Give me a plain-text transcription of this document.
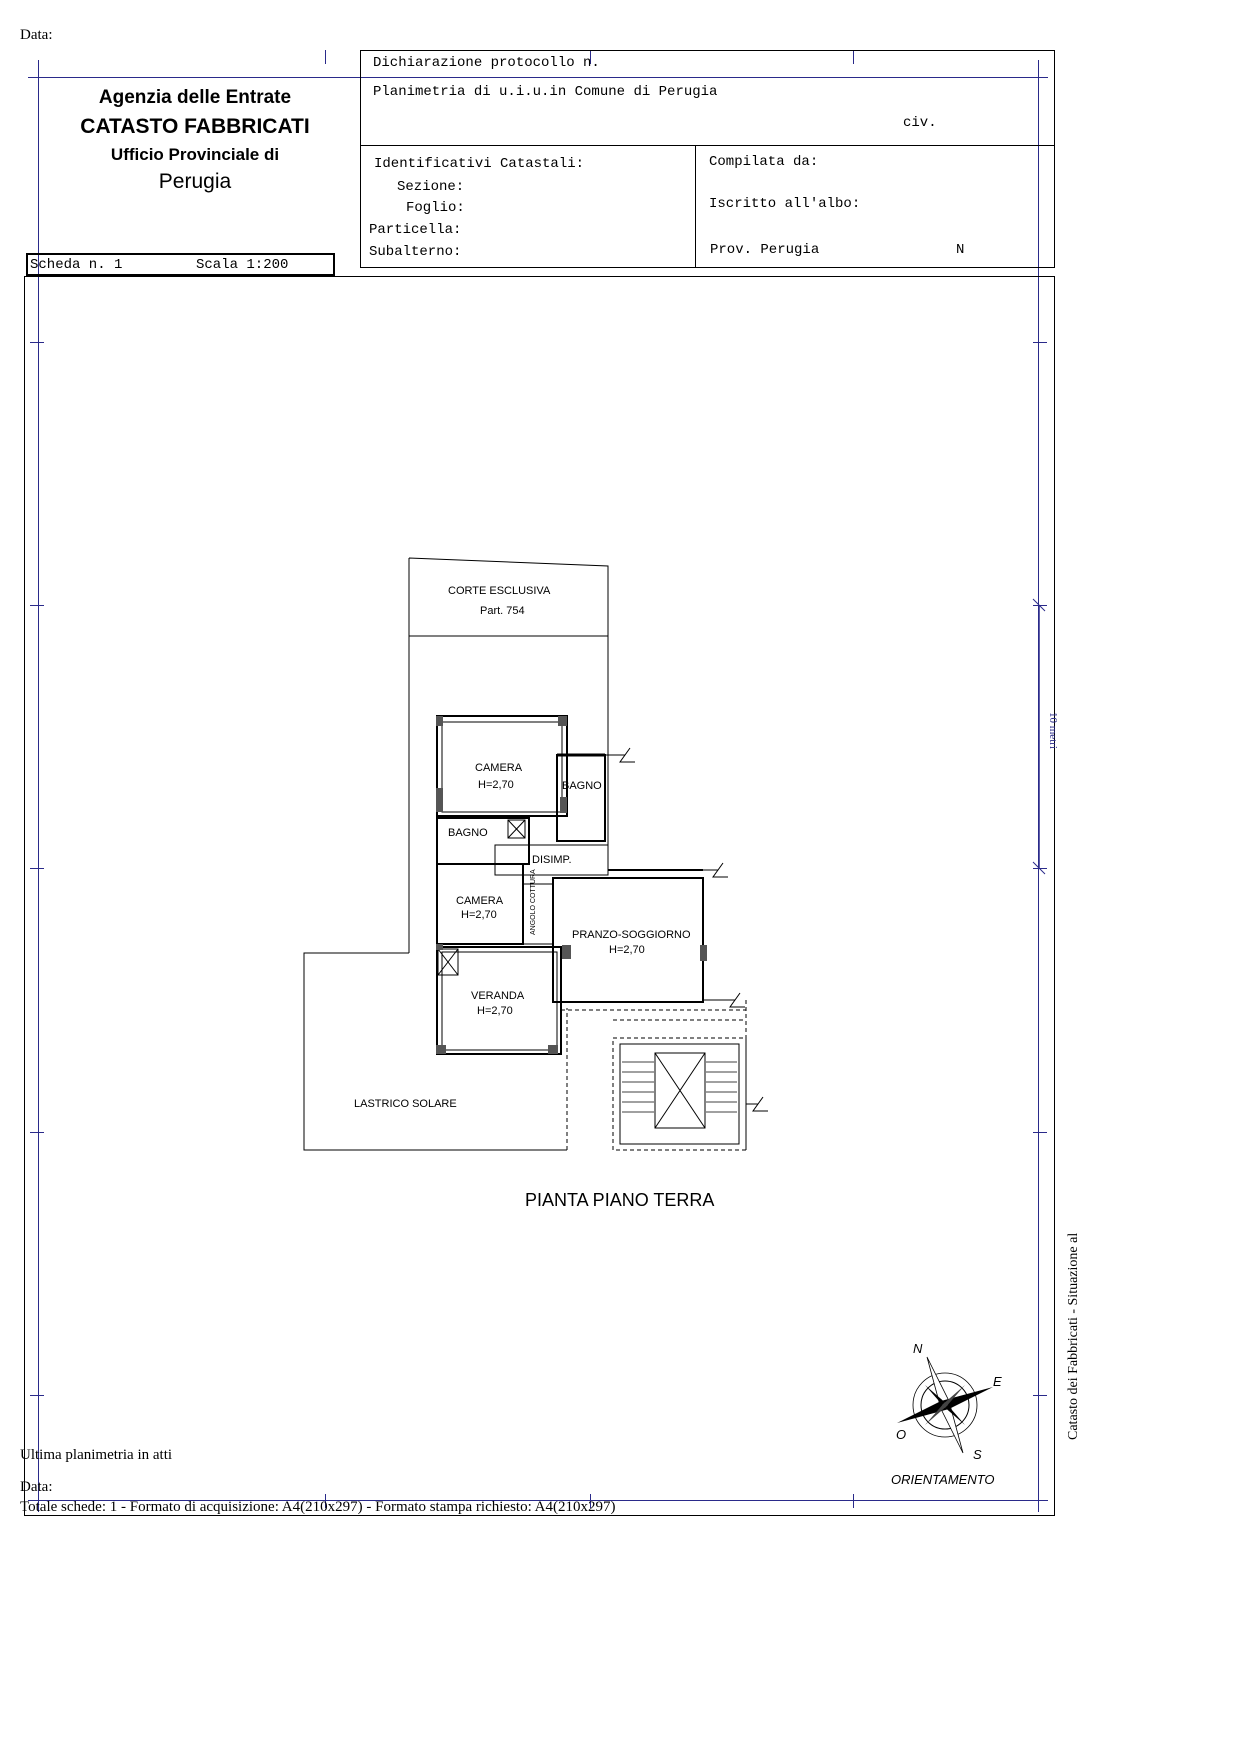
Data:
Agenzia delle Entrate
CATASTO FABBRICATI
Ufficio Provinciale di
Perugia
Dichiarazione protocollo n.
Planimetria di u.i.u.in Comune di Perugia
civ.
Identificativi Catastali:
Sezione:
Foglio:
Particella:
Subalterno:
Compilata da:
Iscritto all'albo:
Prov. Perugia	N
Scheda n. 1	Scala 1:200
Catasto dei Fabbricati - Situazione al
CORTE ESCLUSIVA
Part. 754
CAMERA
H=2,70	BAGNO
BAGNO
DISIMP.
CAMERA
H=2,70	ANGOLO COTTURA	PRANZO-SOGGIORNO
H=2,70
VERANDA
H=2,70
LASTRICO SOLARE
PIANTA PIANO TERRA
10 metri
N
E
O
S
ORIENTAMENTO
Ultima planimetria in atti
Data:
Totale schede: 1 - Formato di acquisizione: A4(210x297) - Formato stampa richiesto: A4(210x297)
